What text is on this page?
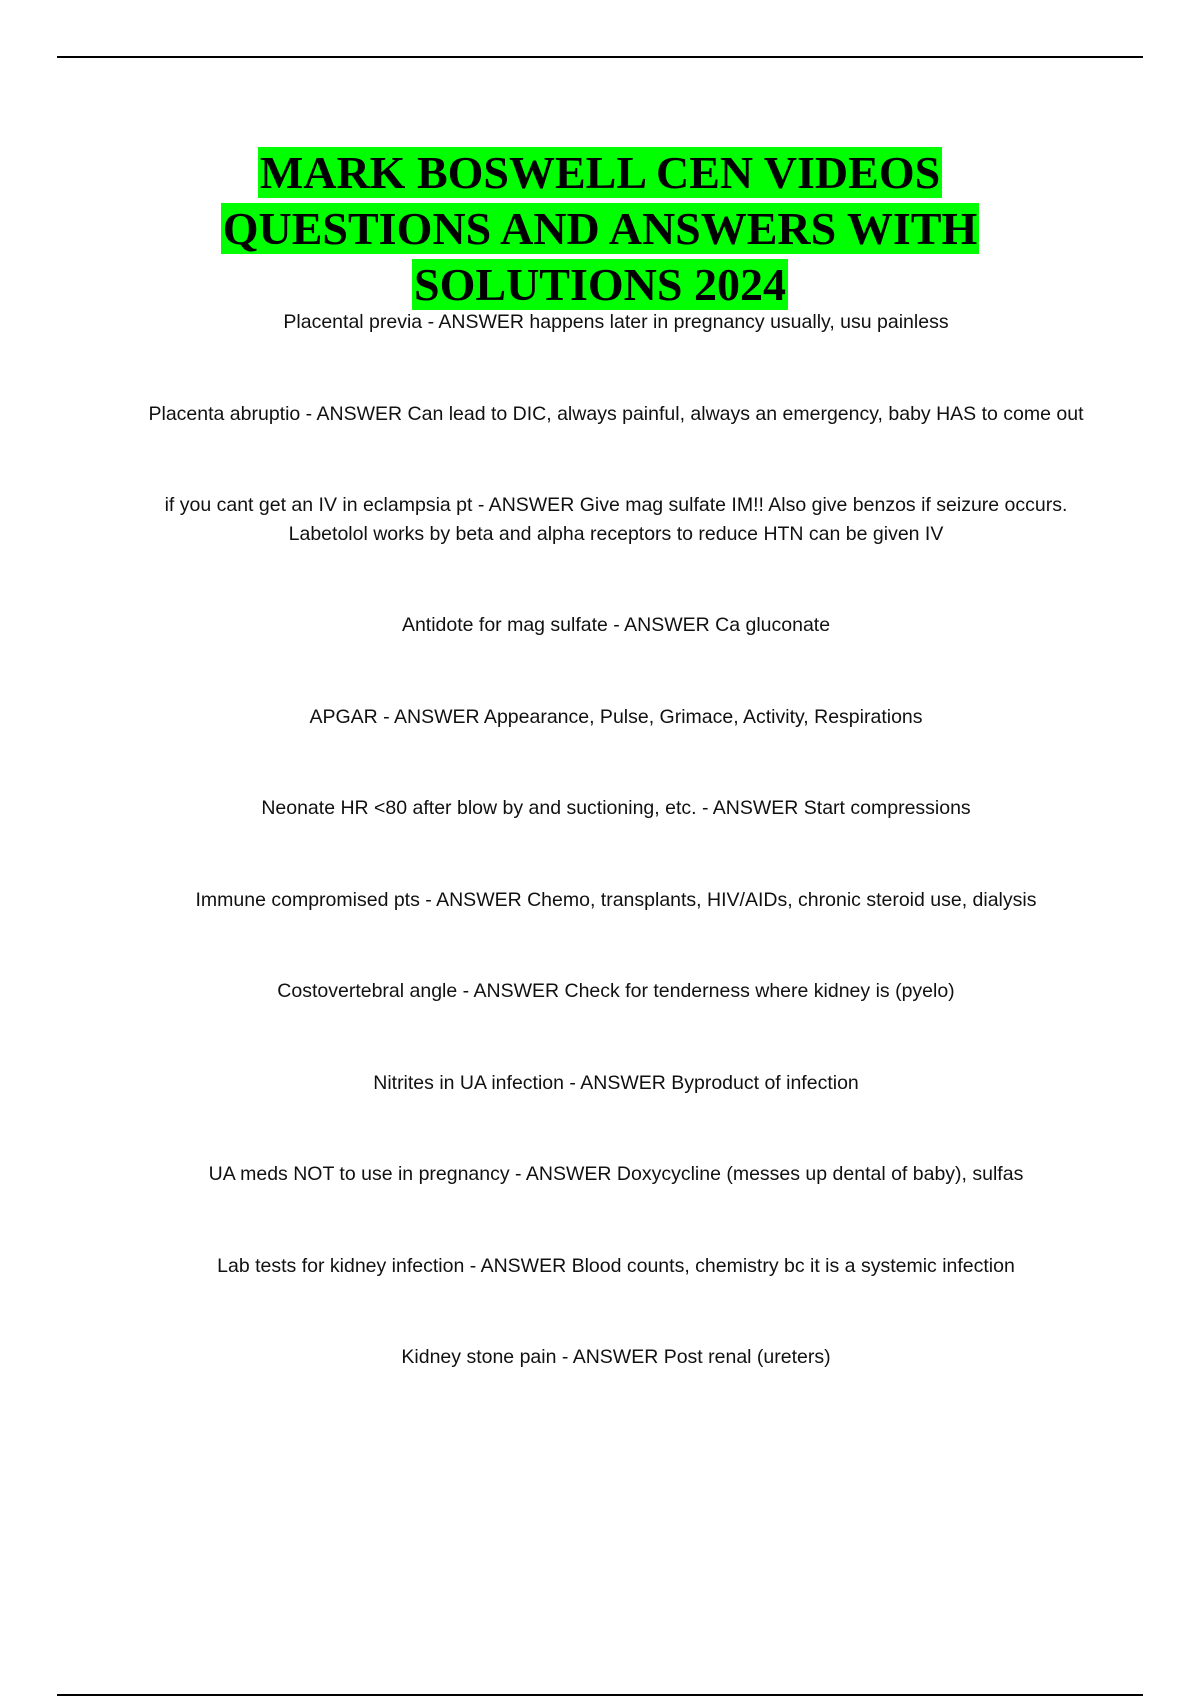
MARK BOSWELL CEN VIDEOS
QUESTIONS AND ANSWERS WITH
SOLUTIONS 2024

Placental previa - ANSWER happens later in pregnancy usually, usu painless

Placenta abruptio - ANSWER Can lead to DIC, always painful, always an emergency, baby HAS to come out

if you cant get an IV in eclampsia pt - ANSWER Give mag sulfate IM!! Also give benzos if seizure occurs. Labetolol works by beta and alpha receptors to reduce HTN can be given IV

Antidote for mag sulfate - ANSWER Ca gluconate

APGAR - ANSWER Appearance, Pulse, Grimace, Activity, Respirations

Neonate HR <80 after blow by and suctioning, etc. - ANSWER Start compressions

Immune compromised pts - ANSWER Chemo, transplants, HIV/AIDs, chronic steroid use, dialysis

Costovertebral angle - ANSWER Check for tenderness where kidney is (pyelo)

Nitrites in UA infection - ANSWER Byproduct of infection

UA meds NOT to use in pregnancy - ANSWER Doxycycline (messes up dental of baby), sulfas

Lab tests for kidney infection - ANSWER Blood counts, chemistry bc it is a systemic infection

Kidney stone pain - ANSWER Post renal (ureters)
